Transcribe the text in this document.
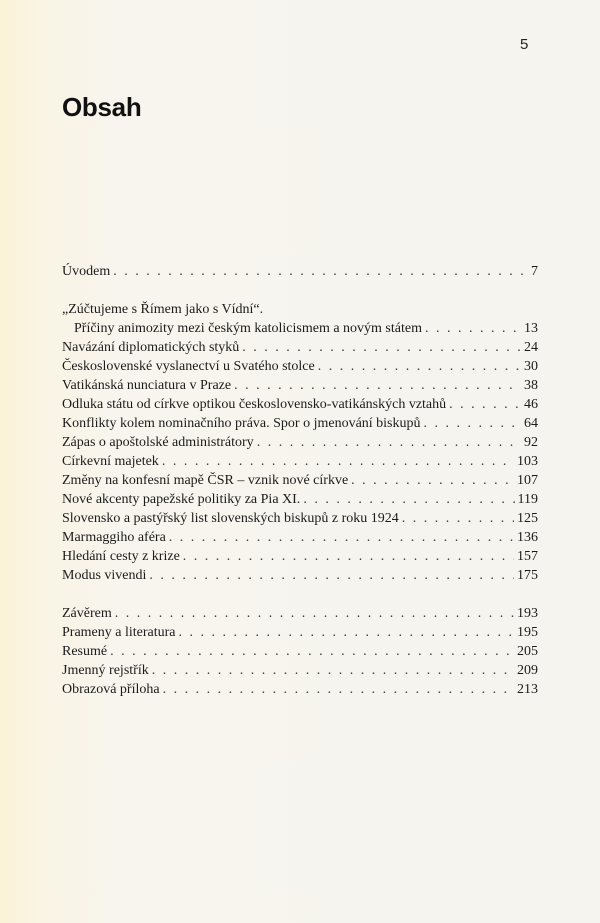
5
Obsah
Úvodem . . .	7
„Zúčtujeme s Římem jako s Vídní“.
Příčiny animozity mezi českým katolicismem a novým státem . . .	13
Navázání diplomatických styků . . .	24
Československé vyslanectví u Svatého stolce . . .	30
Vatikánská nunciatura v Praze . . .	38
Odluka státu od církve optikou československo-vatikánských vztahů . . .	46
Konflikty kolem nominačního práva. Spor o jmenování biskupů . . .	64
Zápas o apoštolské administrátory . . .	92
Církevní majetek . . .	103
Změny na konfesní mapě ČSR – vznik nové církve . . .	107
Nové akcenty papežské politiky za Pia XI. . . .	119
Slovensko a pastýřský list slovenských biskupů z roku 1924 . . .	125
Marmaggiho aféra . . .	136
Hledání cesty z krize . . .	157
Modus vivendi . . .	175
Závěrem . . .	193
Prameny a literatura . . .	195
Resumé . . .	205
Jmenný rejstřík . . .	209
Obrazová příloha . . .	213
